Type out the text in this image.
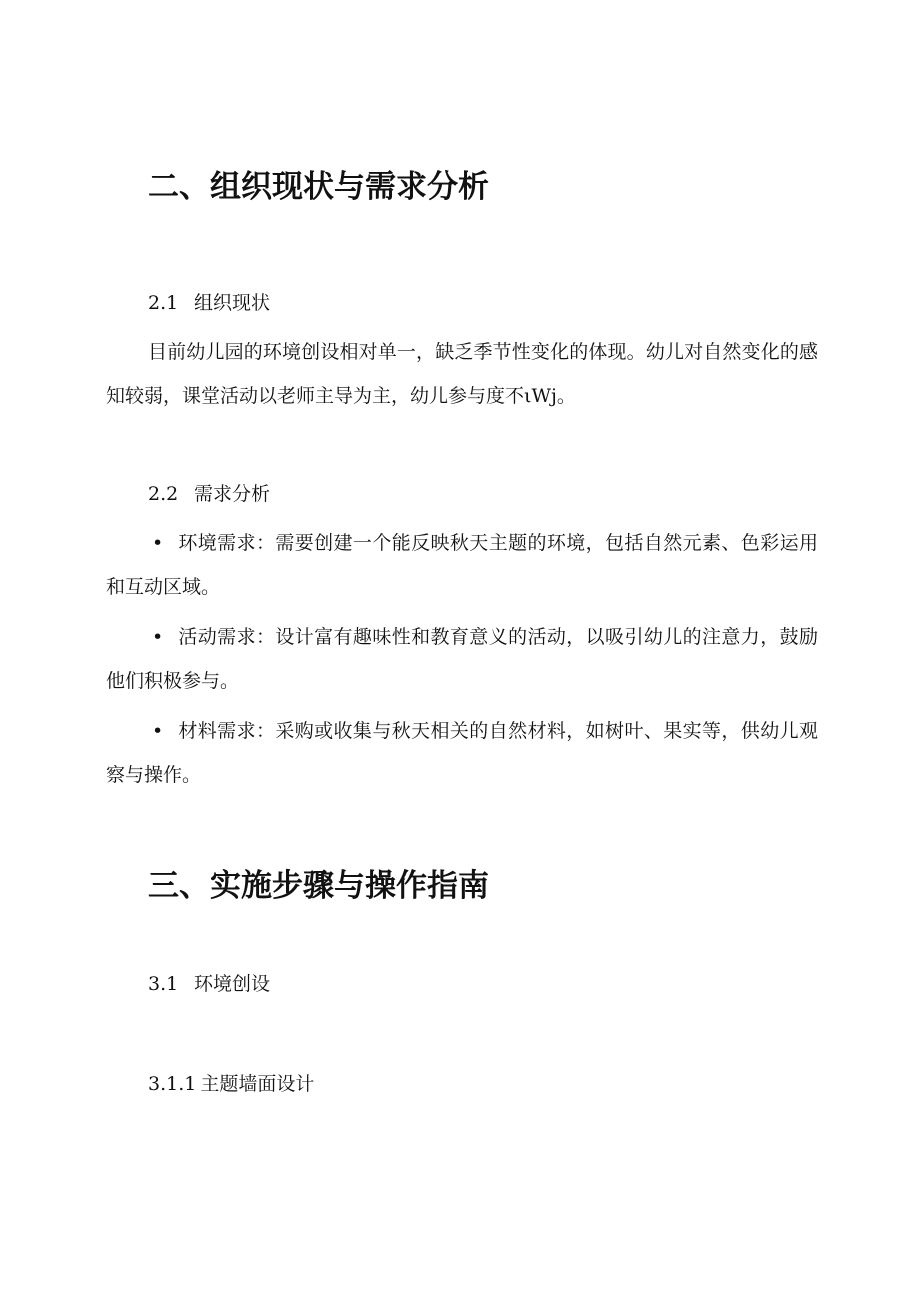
二、组织现状与需求分析
2.1 组织现状

目前幼儿园的环境创设相对单一，缺乏季节性变化的体现。幼儿对自然变化的感知较弱，课堂活动以老师主导为主，幼儿参与度不ιWj。

2.2 需求分析

• 环境需求：需要创建一个能反映秋天主题的环境，包括自然元素、色彩运用和互动区域。

• 活动需求：设计富有趣味性和教育意义的活动，以吸引幼儿的注意力，鼓励他们积极参与。

• 材料需求：采购或收集与秋天相关的自然材料，如树叶、果实等，供幼儿观察与操作。

三、实施步骤与操作指南
3.1 环境创设
3.1.1 主题墙面设计
